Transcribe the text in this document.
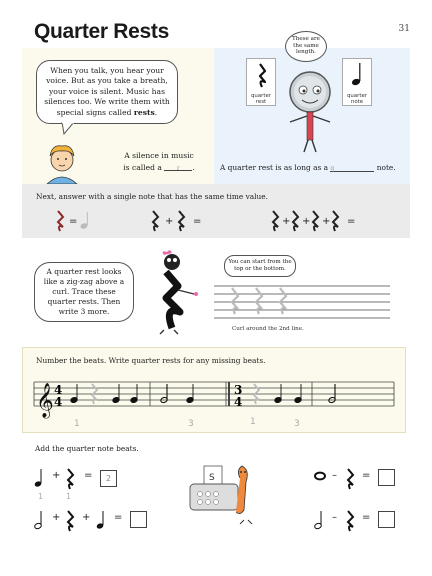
Quarter Rests	31
When you talk, you hear your voice. But as you take a breath, your voice is silent. Music has silences too. We write them with special signs called rests.
A silence in music
is called a r .
quarter rest
quarter note
These are the same length.
A quarter rest is as long as a q	note.
Next, answer with a single note that has the same time value.
=	+ =	+ + + =
A quarter rest looks like a zig-zag above a curl. Trace these quarter rests. Then write 3 more.
You can start from the top or the bottom.
Curl around the 2nd line.
Number the beats. Write quarter rests for any missing beats.
𝄞 4
4
3
4
1	3	1	3
Add the quarter note beats.
+ = 2
1	1
+ + =
S	–	=
–	=
